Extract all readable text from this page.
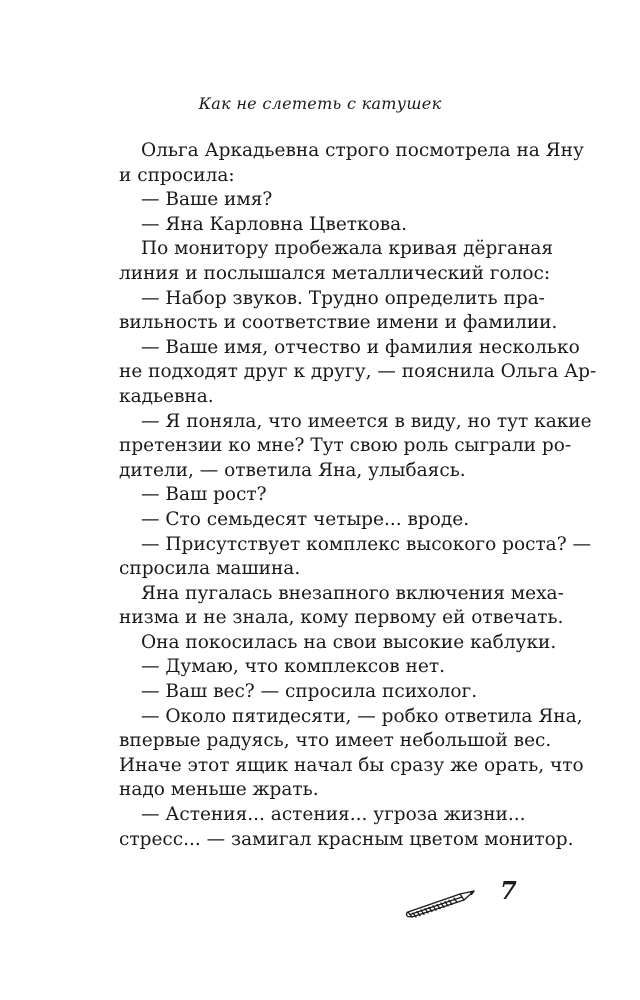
Как не слететь с катушек
Ольга Аркадьевна строго посмотрела на Яну
и спросила:
— Ваше имя?
— Яна Карловна Цветкова.
По монитору пробежала кривая дёрганая
линия и послышался металлический голос:
— Набор звуков. Трудно определить пра-
вильность и соответствие имени и фамилии.
— Ваше имя, отчество и фамилия несколько
не подходят друг к другу, — пояснила Ольга Ар-
кадьевна.
— Я поняла, что имеется в виду, но тут какие
претензии ко мне? Тут свою роль сыграли ро-
дители, — ответила Яна, улыбаясь.
— Ваш рост?
— Сто семьдесят четыре... вроде.
— Присутствует комплекс высокого роста? —
спросила машина.
Яна пугалась внезапного включения меха-
низма и не знала, кому первому ей отвечать.
Она покосилась на свои высокие каблуки.
— Думаю, что комплексов нет.
— Ваш вес? — спросила психолог.
— Около пятидесяти, — робко ответила Яна,
впервые радуясь, что имеет небольшой вес.
Иначе этот ящик начал бы сразу же орать, что
надо меньше жрать.
— Астения... астения... угроза жизни...
стресс... — замигал красным цветом монитор.
7
